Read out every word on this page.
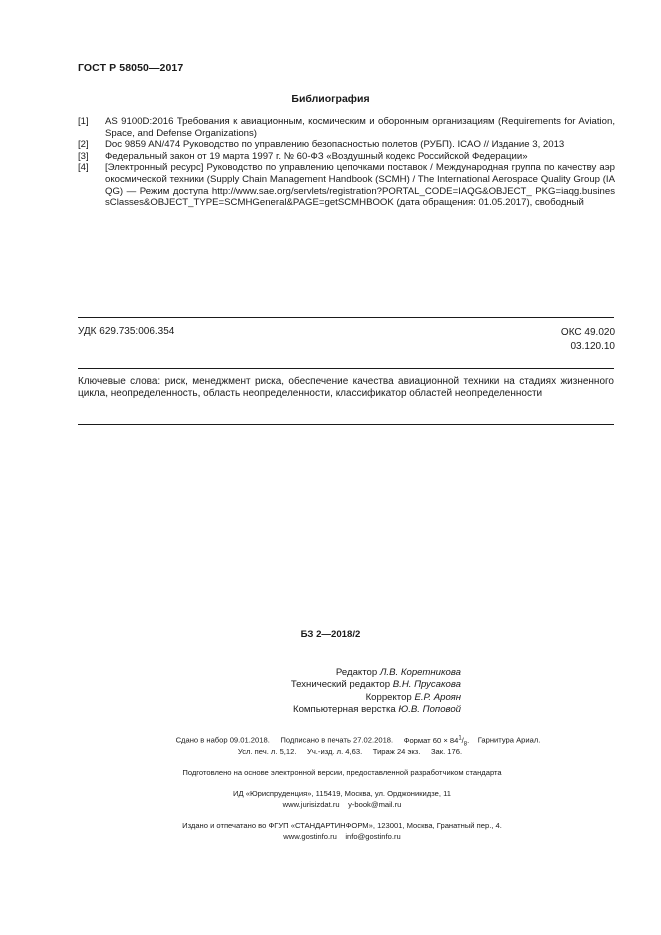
ГОСТ Р 58050—2017
Библиография
[1]	AS 9100D:2016 Требования к авиационным, космическим и оборонным организациям (Requirements for Aviation, Space, and Defense Organizations)
[2]	Doc 9859 AN/474 Руководство по управлению безопасностью полетов (РУБП). ICAO // Издание 3, 2013
[3]	Федеральный закон от 19 марта 1997 г. № 60-ФЗ «Воздушный кодекс Российской Федерации»
[4]	[Электронный ресурс] Руководство по управлению цепочками поставок / Международная группа по качеству аэрокосмической техники (Supply Chain Management Handbook (SCMH) / The International Aerospace Quality Group (IAQG) — Режим доступа http://www.sae.org/servlets/registration?PORTAL_CODE=IAQG&OBJECT_ PKG=iaqg.businessClasses&OBJECT_TYPE=SCMHGeneral&PAGE=getSCMHBOOK (дата обращения: 01.05.2017), свободный
УДК 629.735:006.354	ОКС 49.020
03.120.10
Ключевые слова: риск, менеджмент риска, обеспечение качества авиационной техники на стадиях жизненного цикла, неопределенность, область неопределенности, классификатор областей неопределенности
БЗ 2—2018/2
Редактор Л.В. Коретникова
Технический редактор В.Н. Прусакова
Корректор Е.Р. Ароян
Компьютерная верстка Ю.В. Поповой
Сдано в набор 09.01.2018. Подписано в печать 27.02.2018. Формат $60 \times 84^1/_8$. Гарнитура Ариал.
Усл. печ. л. 5,12. Уч.-изд. л. 4,63. Тираж 24 экз. Зак. 176.
Подготовлено на основе электронной версии, предоставленной разработчиком стандарта
ИД «Юриспруденция», 115419, Москва, ул. Орджоникидзе, 11
www.jurisizdat.ru y-book@mail.ru
Издано и отпечатано во ФГУП «СТАНДАРТИНФОРМ», 123001, Москва, Гранатный пер., 4.
www.gostinfo.ru info@gostinfo.ru
